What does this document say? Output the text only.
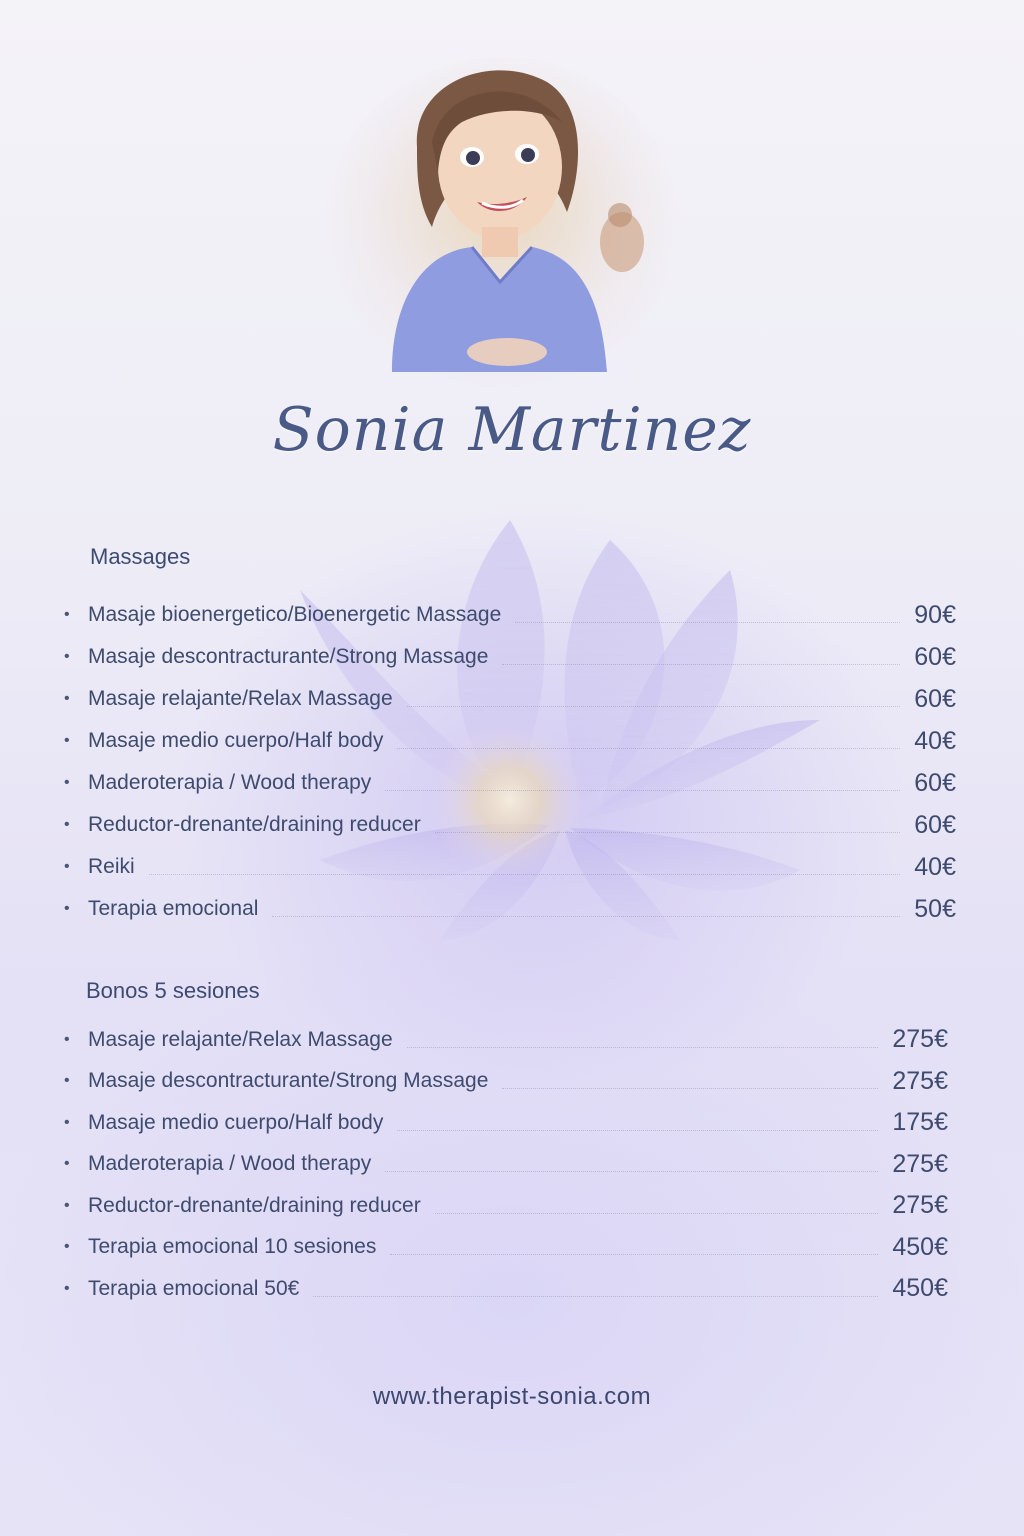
Sonia Martinez
Massages
• Masaje bioenergetico/Bioenergetic Massage	90€
• Masaje descontracturante/Strong Massage	60€
• Masaje relajante/Relax Massage	60€
• Masaje medio cuerpo/Half body	40€
• Maderoterapia / Wood therapy	60€
• Reductor-drenante/draining reducer	60€
• Reiki	40€
• Terapia emocional	50€
Bonos 5 sesiones
• Masaje relajante/Relax Massage	275€
• Masaje descontracturante/Strong Massage	275€
• Masaje medio cuerpo/Half body	175€
• Maderoterapia / Wood therapy	275€
• Reductor-drenante/draining reducer	275€
• Terapia emocional 10 sesiones	450€
• Terapia emocional 50€	450€
www.therapist-sonia.com
